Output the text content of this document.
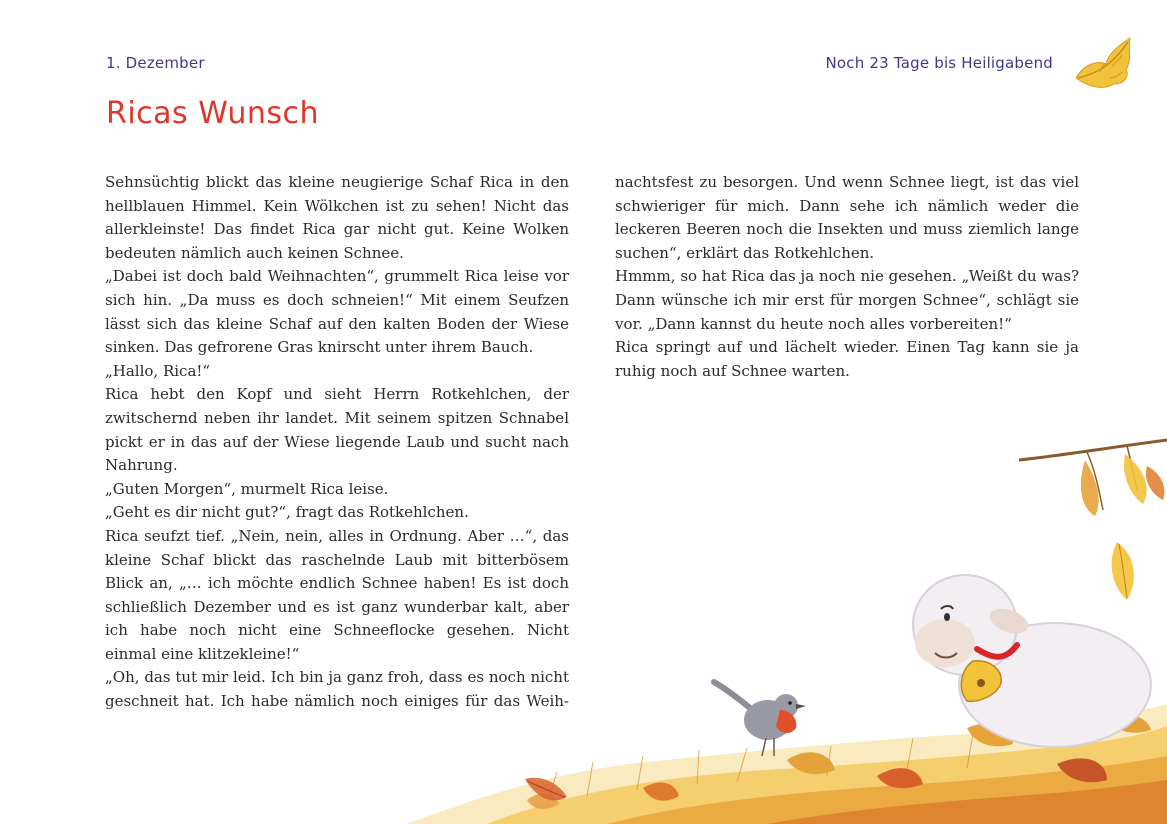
1. Dezember	Noch 23 Tage bis Heiligabend
Ricas Wunsch

Sehnsüchtig blickt das kleine neugierige Schaf Rica in den hellblauen Himmel. Kein Wölkchen ist zu sehen! Nicht das allerkleinste! Das findet Rica gar nicht gut. Keine Wolken bedeuten nämlich auch keinen Schnee.

„Dabei ist doch bald Weihnachten“, grummelt Rica leise vor sich hin. „Da muss es doch schneien!“ Mit einem Seufzen lässt sich das kleine Schaf auf den kalten Boden der Wiese sinken. Das gefrorene Gras knirscht unter ihrem Bauch.

„Hallo, Rica!“

Rica hebt den Kopf und sieht Herrn Rotkehlchen, der zwitschernd neben ihr landet. Mit seinem spitzen Schnabel pickt er in das auf der Wiese liegende Laub und sucht nach Nahrung.

„Guten Morgen“, murmelt Rica leise.

„Geht es dir nicht gut?“, fragt das Rotkehlchen.

Rica seufzt tief. „Nein, nein, alles in Ordnung. Aber …“, das kleine Schaf blickt das raschelnde Laub mit bitterbösem Blick an, „… ich möchte endlich Schnee haben! Es ist doch schließlich Dezember und es ist ganz wunderbar kalt, aber ich habe noch nicht eine Schneeflocke gesehen. Nicht einmal eine klitzekleine!“

„Oh, das tut mir leid. Ich bin ja ganz froh, dass es noch nicht geschneit hat. Ich habe nämlich noch einiges für das Weih-

nachtsfest zu besorgen. Und wenn Schnee liegt, ist das viel schwieriger für mich. Dann sehe ich nämlich weder die leckeren Beeren noch die Insekten und muss ziemlich lange suchen“, erklärt das Rotkehlchen.

Hmmm, so hat Rica das ja noch nie gesehen. „Weißt du was? Dann wünsche ich mir erst für morgen Schnee“, schlägt sie vor. „Dann kannst du heute noch alles vorbereiten!“

Rica springt auf und lächelt wieder. Einen Tag kann sie ja ruhig noch auf Schnee warten.
